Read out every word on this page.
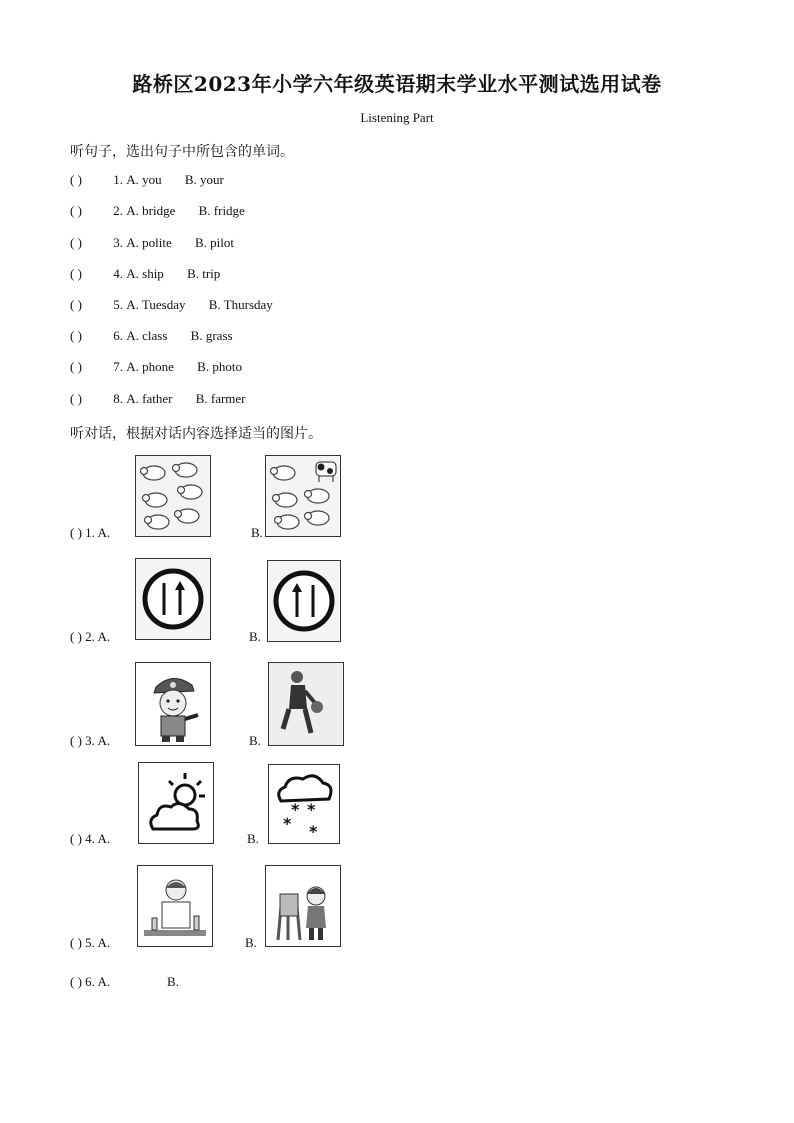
路桥区2023年小学六年级英语期末学业水平测试选用试卷
Listening Part
听句子，选出句子中所包含的单词。
( ) 1. A. you B. your
( ) 2. A. bridge B. fridge
( ) 3. A. polite B. pilot
( ) 4. A. ship B. trip
( ) 5. A. Tuesday B. Thursday
( ) 6. A. class B. grass
( ) 7. A. phone B. photo
( ) 8. A. father B. farmer
听对话，根据对话内容选择适当的图片。
( ) 1. A.	B.
( ) 2. A.	B.
( ) 3. A.	B.
( ) 4. A.	B.
* *
* *
( ) 5. A.	B.
( ) 6. A.	B.
